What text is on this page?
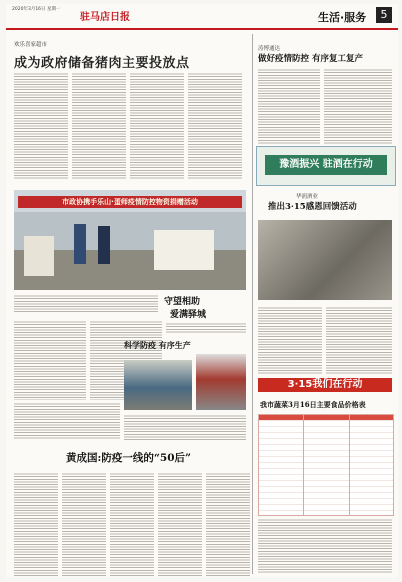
2020年3月16日 星期一
驻马店日报	生活·服务	5
欢乐喜家超市
成为政府储备猪肉主要投放点
涛博通达
做好疫情防控 有序复工复产
豫酒振兴 驻酒在行动
市政协携手乐山·蛋师疫情防控物资捐赠活动
华润酒业
推出3·15感恩回馈活动
守望相助
爱满驿城
科学防疫 有序生产
3·15我们在行动
我市蔬菜3月16日主要食品价格表
黄成国:防疫一线的“50后”
